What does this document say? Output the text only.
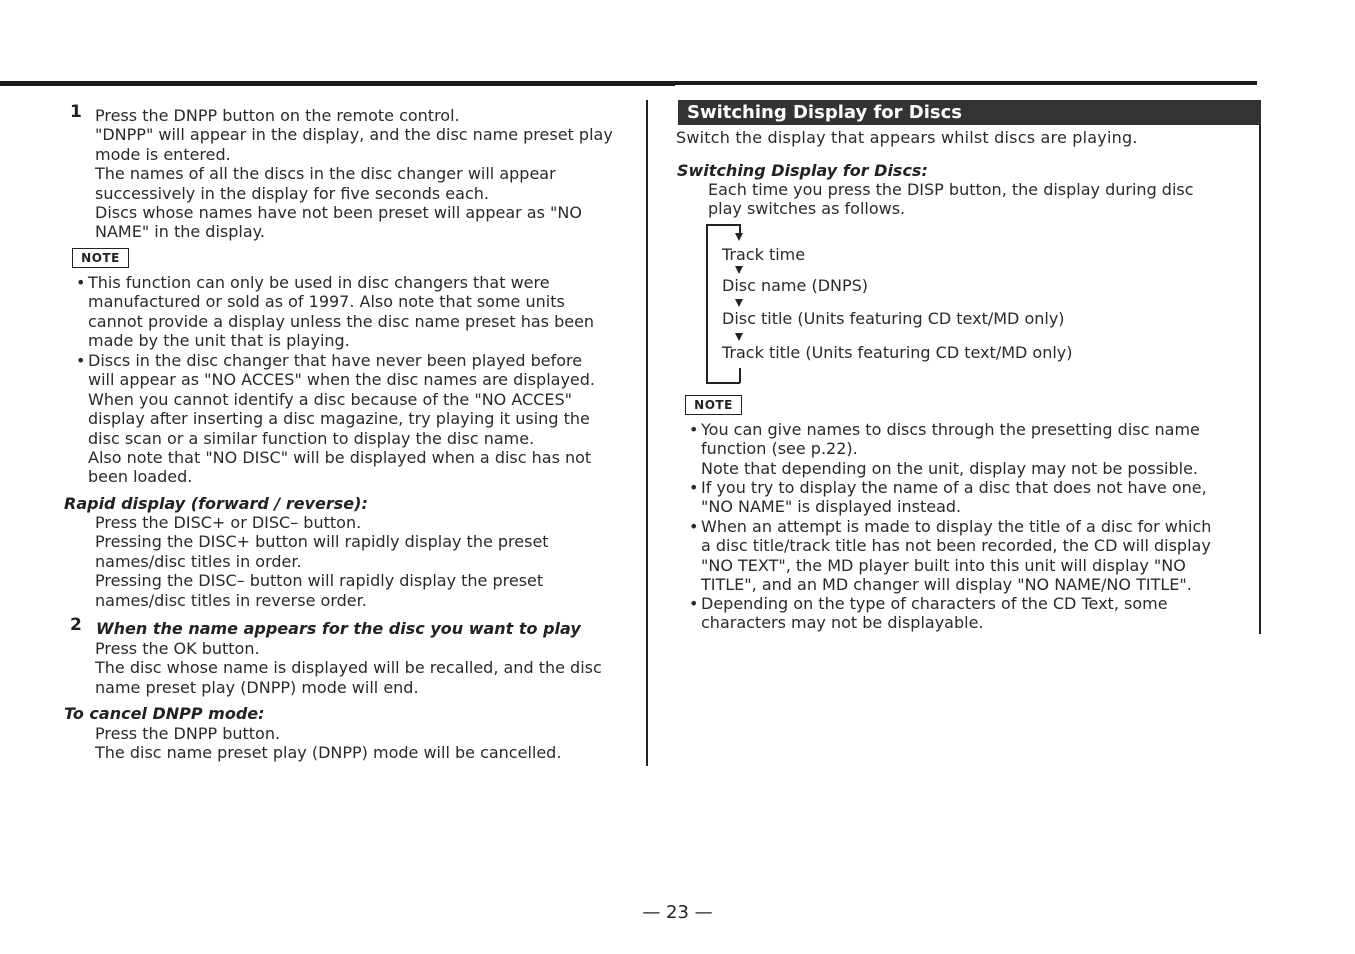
1 Press the DNPP button on the remote control.
"DNPP" will appear in the display, and the disc name preset play
mode is entered.
The names of all the discs in the disc changer will appear
successively in the display for five seconds each.
Discs whose names have not been preset will appear as "NO
NAME" in the display.
NOTE
• This function can only be used in disc changers that were
manufactured or sold as of 1997. Also note that some units
cannot provide a display unless the disc name preset has been
made by the unit that is playing.
• Discs in the disc changer that have never been played before
will appear as "NO ACCES" when the disc names are displayed.
When you cannot identify a disc because of the "NO ACCES"
display after inserting a disc magazine, try playing it using the
disc scan or a similar function to display the disc name.
Also note that "NO DISC" will be displayed when a disc has not
been loaded.
Rapid display (forward / reverse):
Press the DISC+ or DISC– button.
Pressing the DISC+ button will rapidly display the preset
names/disc titles in order.
Pressing the DISC– button will rapidly display the preset
names/disc titles in reverse order.
2 When the name appears for the disc you want to play
Press the OK button.
The disc whose name is displayed will be recalled, and the disc
name preset play (DNPP) mode will end.
To cancel DNPP mode:
Press the DNPP button.
The disc name preset play (DNPP) mode will be cancelled.
Switching Display for Discs
Switch the display that appears whilst discs are playing.
Switching Display for Discs:
Each time you press the DISP button, the display during disc
play switches as follows.
Track time
Disc name (DNPS)
Disc title (Units featuring CD text/MD only)
Track title (Units featuring CD text/MD only)
NOTE
• You can give names to discs through the presetting disc name
function (see p.22).
Note that depending on the unit, display may not be possible.
• If you try to display the name of a disc that does not have one,
"NO NAME" is displayed instead.
• When an attempt is made to display the title of a disc for which
a disc title/track title has not been recorded, the CD will display
"NO TEXT", the MD player built into this unit will display "NO
TITLE", and an MD changer will display "NO NAME/NO TITLE".
• Depending on the type of characters of the CD Text, some
characters may not be displayable.
— 23 —
